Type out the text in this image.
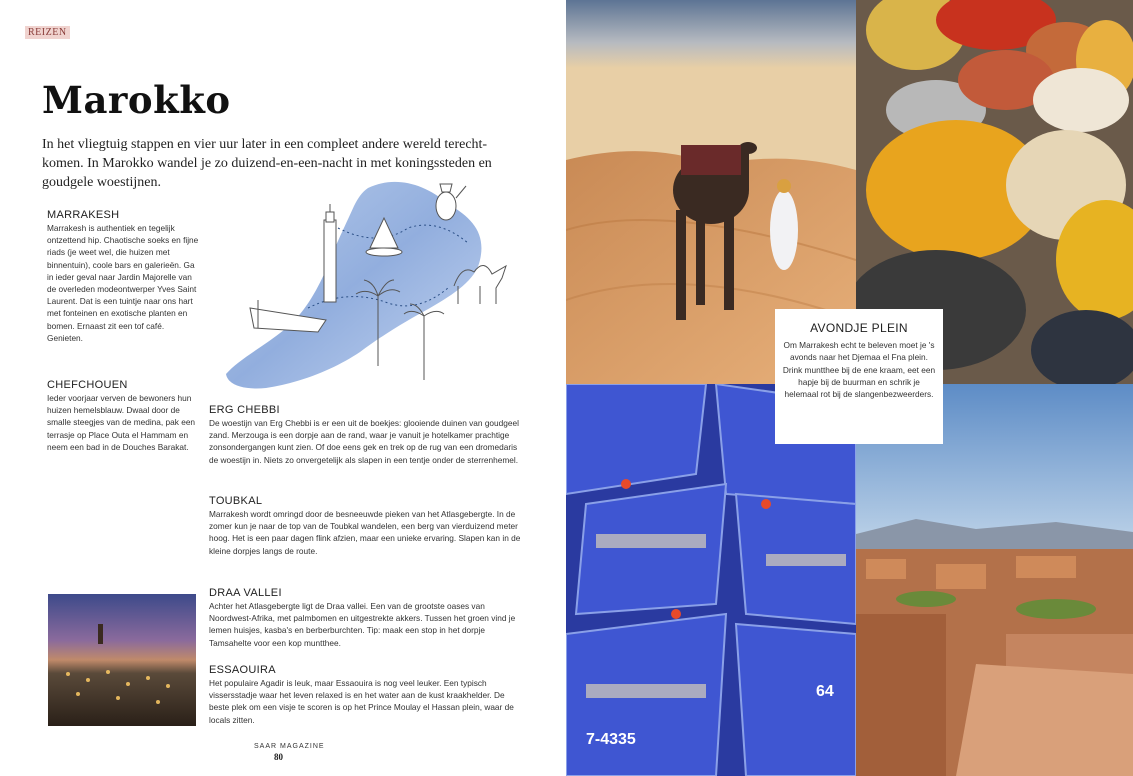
REIZEN
Marokko

In het vliegtuig stappen en vier uur later in een compleet andere wereld terecht-komen. In Marokko wandel je zo duizend-en-een-nacht in met koningssteden en goudgele woestijnen.

MARRAKESH
Marrakesh is authentiek en tegelijk ontzettend hip. Chaotische soeks en fijne riads (je weet wel, die huizen met binnentuin), coole bars en galerieën. Ga in ieder geval naar Jardin Majorelle van de overleden modeontwerper Yves Saint Laurent. Dat is een tuintje naar ons hart met fonteinen en exotische planten en bomen. Ernaast zit een tof café. Genieten.
CHEFCHOUEN
Ieder voorjaar verven de bewoners hun huizen hemelsblauw. Dwaal door de smalle steegjes van de medina, pak een terrasje op Place Outa el Hammam en neem een bad in de Douches Barakat.
ERG CHEBBI
De woestijn van Erg Chebbi is er een uit de boekjes: glooiende duinen van goudgeel zand. Merzouga is een dorpje aan de rand, waar je vanuit je hotelkamer prachtige zonsondergangen kunt zien. Of doe eens gek en trek op de rug van een dromedaris de woestijn in. Niets zo onvergetelijk als slapen in een tentje onder de sterrenhemel.
TOUBKAL
Marrakesh wordt omringd door de besneeuwde pieken van het Atlasgebergte. In de zomer kun je naar de top van de Toubkal wandelen, een berg van vierduizend meter hoog. Het is een paar dagen flink afzien, maar een unieke ervaring. Slapen kan in de kleine dorpjes langs de route.
DRAA VALLEI
Achter het Atlasgebergte ligt de Draa vallei. Een van de grootste oases van Noordwest-Afrika, met palmbomen en uitgestrekte akkers. Tussen het groen vind je lemen huisjes, kasba's en berberburchten. Tip: maak een stop in het dorpje Tamsahelte voor een kop muntthee.
ESSAOUIRA
Het populaire Agadir is leuk, maar Essaouira is nog veel leuker. Een typisch vissersstadje waar het leven relaxed is en het water aan de kust kraakhelder. De beste plek om een visje te scoren is op het Prince Moulay el Hassan plein, waar de locals zitten.
SAAR MAGAZINE
80
7-4335
64
AVONDJE PLEIN
Om Marrakesh echt te beleven moet je 's avonds naar het Djemaa el Fna plein. Drink muntthee bij de ene kraam, eet een hapje bij de buurman en schrik je helemaal rot bij de slangenbezweerders.
